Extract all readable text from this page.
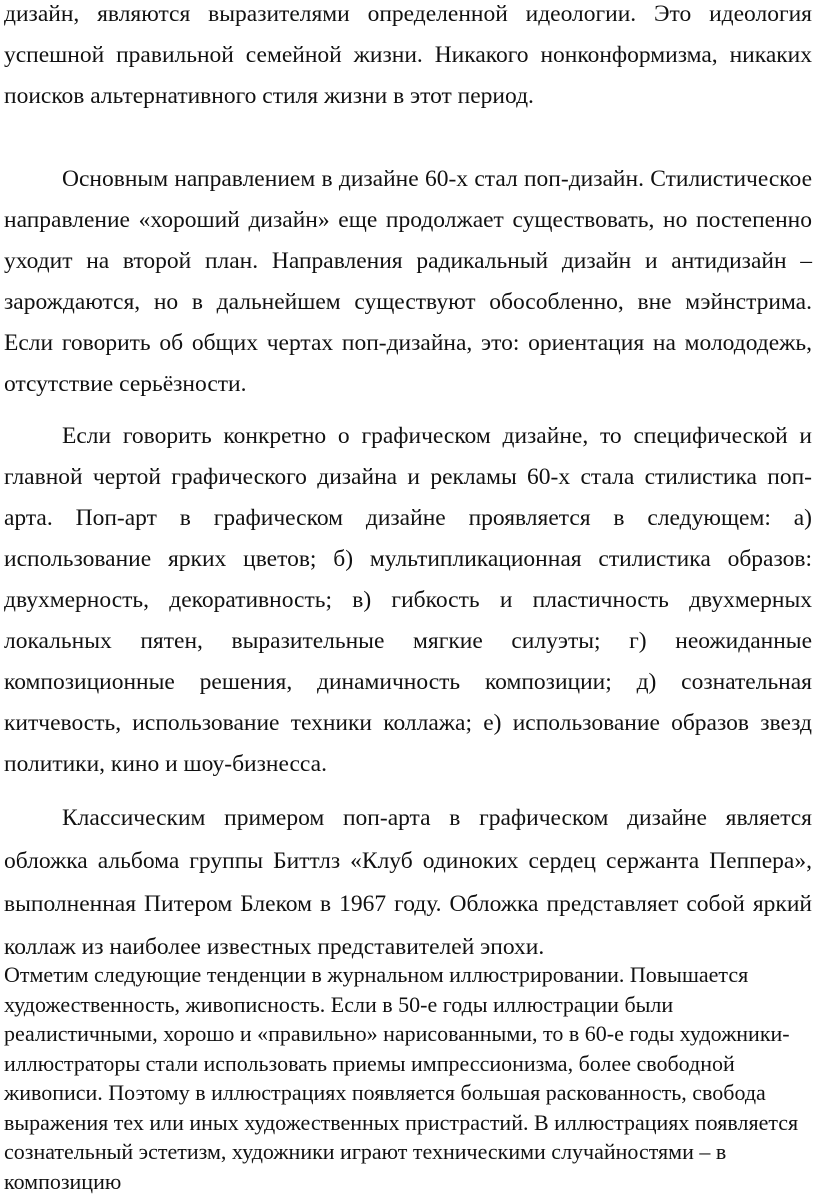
дизайн, являются выразителями определенной идеологии. Это идеология успешной правильной семейной жизни. Никакого нонконформизма, никаких поисков альтернативного стиля жизни в этот период.

Основным направлением в дизайне 60-х стал поп-дизайн. Стилистическое направление «хороший дизайн» еще продолжает существовать, но постепенно уходит на второй план. Направления радикальный дизайн и антидизайн – зарождаются, но в дальнейшем существуют обособленно, вне мэйнстрима. Если говорить об общих чертах поп-дизайна, это: ориентация на молододежь, отсутствие серьёзности.

Если говорить конкретно о графическом дизайне, то специфической и главной чертой графического дизайна и рекламы 60-х стала стилистика поп-арта. Поп-арт в графическом дизайне проявляется в следующем: а) использование ярких цветов; б) мультипликационная стилистика образов: двухмерность, декоративность; в) гибкость и пластичность двухмерных локальных пятен, выразительные мягкие силуэты; г) неожиданные композиционные решения, динамичность композиции; д) сознательная китчевость, использование техники коллажа; е) использование образов звезд политики, кино и шоу-бизнесса.

Классическим примером поп-арта в графическом дизайне является обложка альбома группы Биттлз «Клуб одиноких сердец сержанта Пеппера», выполненная Питером Блеком в 1967 году. Обложка представляет собой яркий коллаж из наиболее известных представителей эпохи.

Отметим следующие тенденции в журнальном иллюстрировании. Повышается художественность, живописность. Если в 50-е годы иллюстрации были реалистичными, хорошо и «правильно» нарисованными, то в 60-е годы художники-иллюстраторы стали использовать приемы импрессионизма, более свободной живописи. Поэтому в иллюстрациях появляется большая раскованность, свобода выражения тех или иных художественных пристрастий. В иллюстрациях появляется сознательный эстетизм, художники играют техническими случайностями – в композицию
